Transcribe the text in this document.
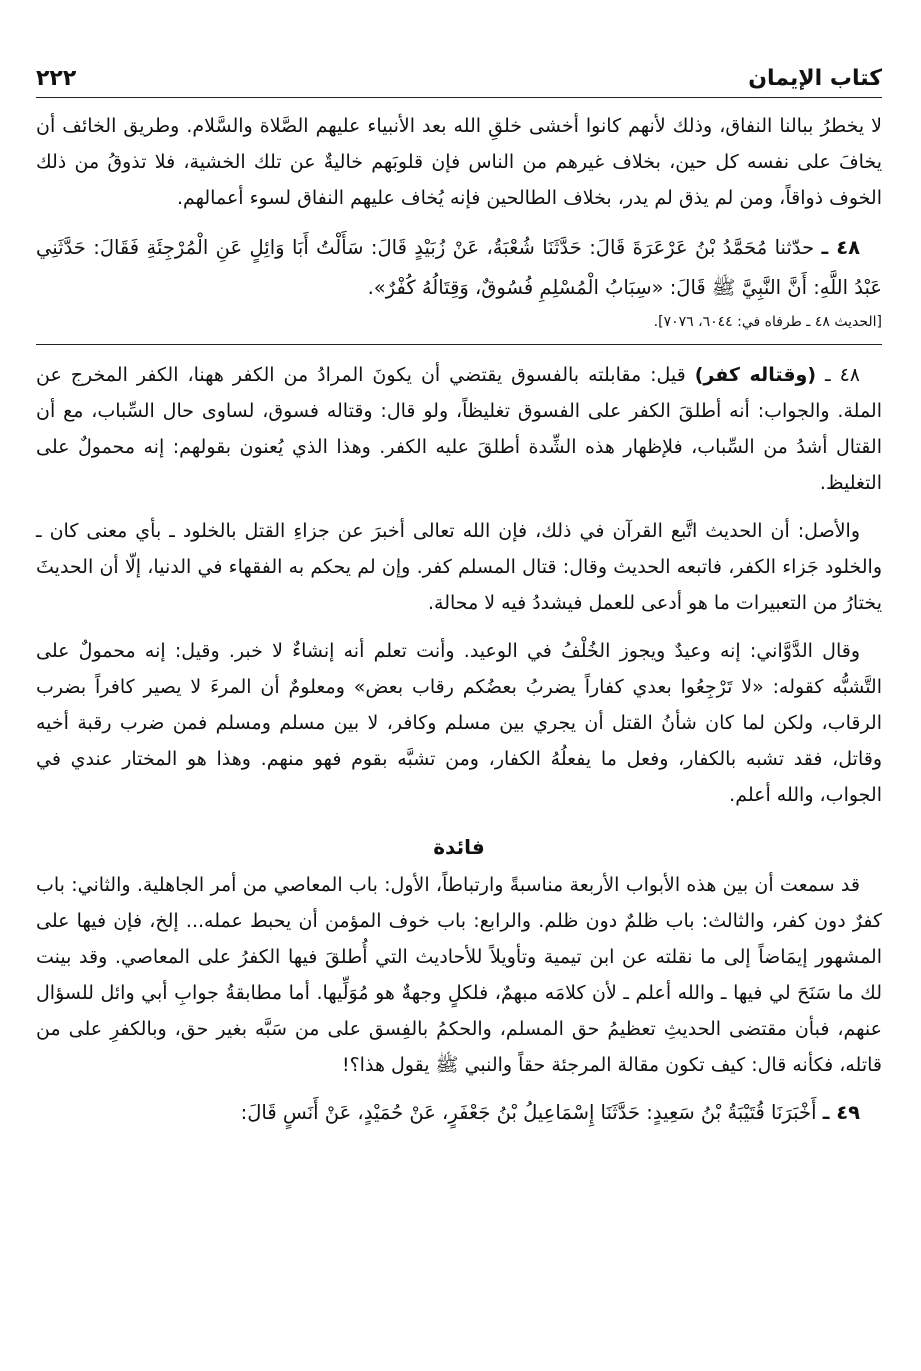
كتاب الإيمان
٢٢٢

لا يخطرُ ببالنا النفاق، وذلك لأنهم كانوا أخشى خلقِ الله بعد الأنبياء عليهم الصَّلاة والسَّلام. وطريق الخائف أن يخافَ على نفسه كل حين، بخلاف غيرهم من الناس فإن قلوبَهم خاليةٌ عن تلك الخشية، فلا تذوقُ من ذلك الخوف ذواقاً، ومن لم يذق لم يدر، بخلاف الطالحين فإنه يُخاف عليهم النفاق لسوء أعمالهم.

٤٨ ـ حدّثنا مُحَمَّدُ بْنُ عَرْعَرَةَ قَالَ: حَدَّثَنَا شُعْبَةُ، عَنْ زُبَيْدٍ قَالَ: سَأَلْتُ أَبَا وَائِلٍ عَنِ الْمُرْجِئَةِ فَقَالَ: حَدَّثَنِي عَبْدُ اللَّهِ: أَنَّ النَّبِيَّ ﷺ قَالَ: «سِبَابُ الْمُسْلِمِ فُسُوقٌ، وَقِتَالُهُ كُفْرٌ».

[الحديث ٤٨ ـ طرفاه في: ٦٠٤٤، ٧٠٧٦].

٤٨ ـ (وقتاله كفر) قيل: مقابلته بالفسوق يقتضي أن يكونَ المرادُ من الكفر ههنا، الكفر المخرج عن الملة. والجواب: أنه أطلقَ الكفر على الفسوق تغليظاً، ولو قال: وقتاله فسوق، لساوى حال السِّباب، مع أن القتال أشدُ من السِّباب، فلإظهار هذه الشِّدة أطلقَ عليه الكفر. وهذا الذي يُعنون بقولهم: إنه محمولٌ على التغليظ.

والأصل: أن الحديث اتَّبع القرآن في ذلك، فإن الله تعالى أخبرَ عن جزاءِ القتل بالخلود ـ بأي معنى كان ـ والخلود جَزاء الكفر، فاتبعه الحديث وقال: قتال المسلم كفر. وإن لم يحكم به الفقهاء في الدنيا، إلّا أن الحديثَ يختارُ من التعبيرات ما هو أدعى للعمل فيشددُ فيه لا محالة.

وقال الدَّوَّاني: إنه وعيدٌ ويجوز الخُلْفُ في الوعيد. وأنت تعلم أنه إنشاءٌ لا خبر. وقيل: إنه محمولٌ على التَّشبُّه كقوله: «لا تَرْجِعُوا بعدي كفاراً يضربُ بعضُكم رقاب بعض» ومعلومٌ أن المرءَ لا يصير كافراً بضرب الرقاب، ولكن لما كان شأنُ القتل أن يجري بين مسلم وكافر، لا بين مسلم ومسلم فمن ضرب رقبة أخيه وقاتل، فقد تشبه بالكفار، وفعل ما يفعلُهُ الكفار، ومن تشبَّه بقوم فهو منهم. وهذا هو المختار عندي في الجواب، والله أعلم.

فائدة

قد سمعت أن بين هذه الأبواب الأربعة مناسبةً وارتباطاً، الأول: باب المعاصي من أمر الجاهلية. والثاني: باب كفرٌ دون كفر، والثالث: باب ظلمٌ دون ظلم. والرابع: باب خوف المؤمن أن يحبط عمله... إلخ، فإن فيها على المشهور إيمَاضاً إلى ما نقلته عن ابن تيمية وتأويلاً للأحاديث التي أُطلقَ فيها الكفرُ على المعاصي. وقد بينت لك ما سَنَحَ لي فيها ـ والله أعلم ـ لأن كلامَه مبهمٌ، فلكلٍ وجهةٌ هو مُوَلِّيها. أما مطابقةُ جوابِ أبي وائل للسؤال عنهم، فبأن مقتضى الحديثِ تعظيمُ حق المسلم، والحكمُ بالفِسق على من سَبَّه بغير حق، وبالكفرِ على من قاتله، فكأنه قال: كيف تكون مقالة المرجئة حقاً والنبي ﷺ يقول هذا؟!

٤٩ ـ أَخْبَرَنَا قُتَيْبَةُ بْنُ سَعِيدٍ: حَدَّثَنَا إِسْمَاعِيلُ بْنُ جَعْفَرٍ، عَنْ حُمَيْدٍ، عَنْ أَنَسٍ قَالَ:
